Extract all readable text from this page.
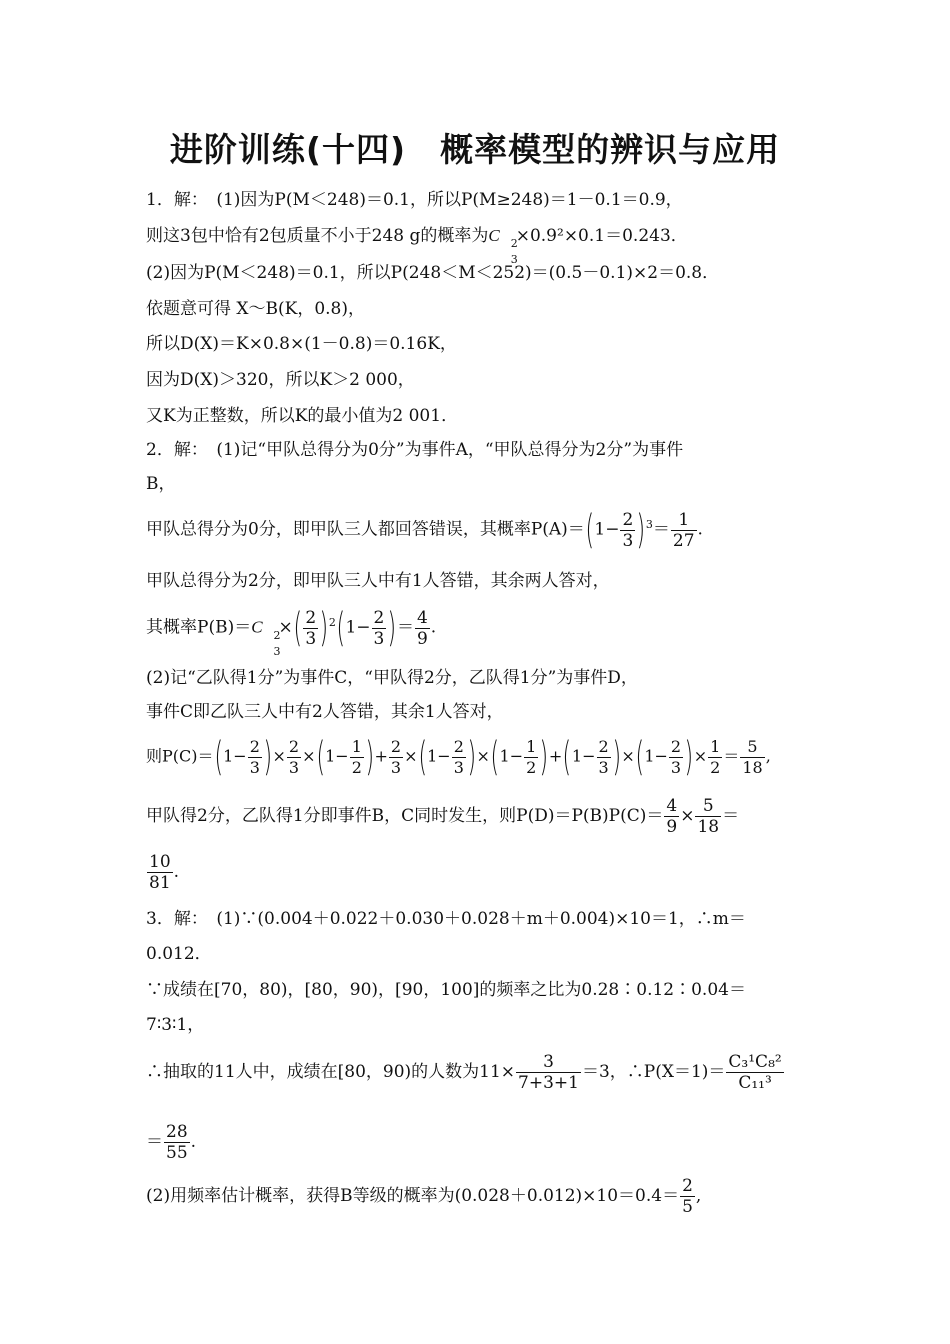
进阶训练(十四)　 概率模型的辨识与应用
1．解：　(1)因为P(M＜248)＝0.1，所以P(M≥248)＝1－0.1＝0.9，
则这3包中恰有2包质量不小于248 g的概率为C 2
3
×0.9²×0.1＝0.243．
(2)因为P(M＜248)＝0.1，所以P(248＜M＜252)＝(0.5－0.1)×2＝0.8．
依题意可得 X～B(K，0.8)，
所以D(X)＝K×0.8×(1－0.8)＝0.16K，
因为D(X)＞320，所以K＞2 000，
又K为正整数，所以K的最小值为2 001．
2．解：　(1)记“甲队总得分为0分”为事件A，“甲队总得分为2分”为事件
B，
甲队总得分为0分，即甲队三人都回答错误，其概率$P(A)=(1- \frac{2}{3} )^3= \frac{1}{27}$ .
甲队总得分为2分，即甲队三人中有1人答错，其余两人答对，
其概率P(B)＝C 2
3
×( $\frac{2}{3} )^2(1- \frac{2}{3}$ )＝ $\frac{4}{9}$ .
(2)记“乙队得1分”为事件C，“甲队得2分，乙队得1分”为事件D，
事件C即乙队三人中有2人答错，其余1人答对，
则$P(C)=(1- \frac{2}{3}$ )× $\frac{2}{3} \times(1- \frac{1}{2}$ )+ $\frac{2}{3} \times(1- \frac{2}{3} )\times(1- \frac{1}{2} )+(1- \frac{2}{3} )\times(1- \frac{2}{3}$ )× $\frac{1}{2} = \frac{5}{18}$ ,
甲队得2分，乙队得1分即事件B，C同时发生，则$P(D)=P(B)P(C)= \frac{4}{9} \times \frac{5}{18}$ ＝
$\frac{10}{81}$ .
3．解：　(1)∵(0.004＋0.022＋0.030＋0.028＋m＋0.004)×10＝1，∴m＝
0.012．
∵成绩在[70，80)，[80，90)，[90，100]的频率之比为0.28∶0.12∶0.04＝
7∶3∶1，
∴抽取的11人中，成绩在[80，90)的人数为$11\times \frac{3}{7+3+1} =3$，∴P(X＝1)＝ $\frac{\text{C₃¹C₈²}}{\text{C₁₁³}}$
＝ $\frac{28}{55}$ .
(2)用频率估计概率，获得B等级的概率为$(0.028+0.012)\times 10=0.4= \frac{2}{5}$ ,
